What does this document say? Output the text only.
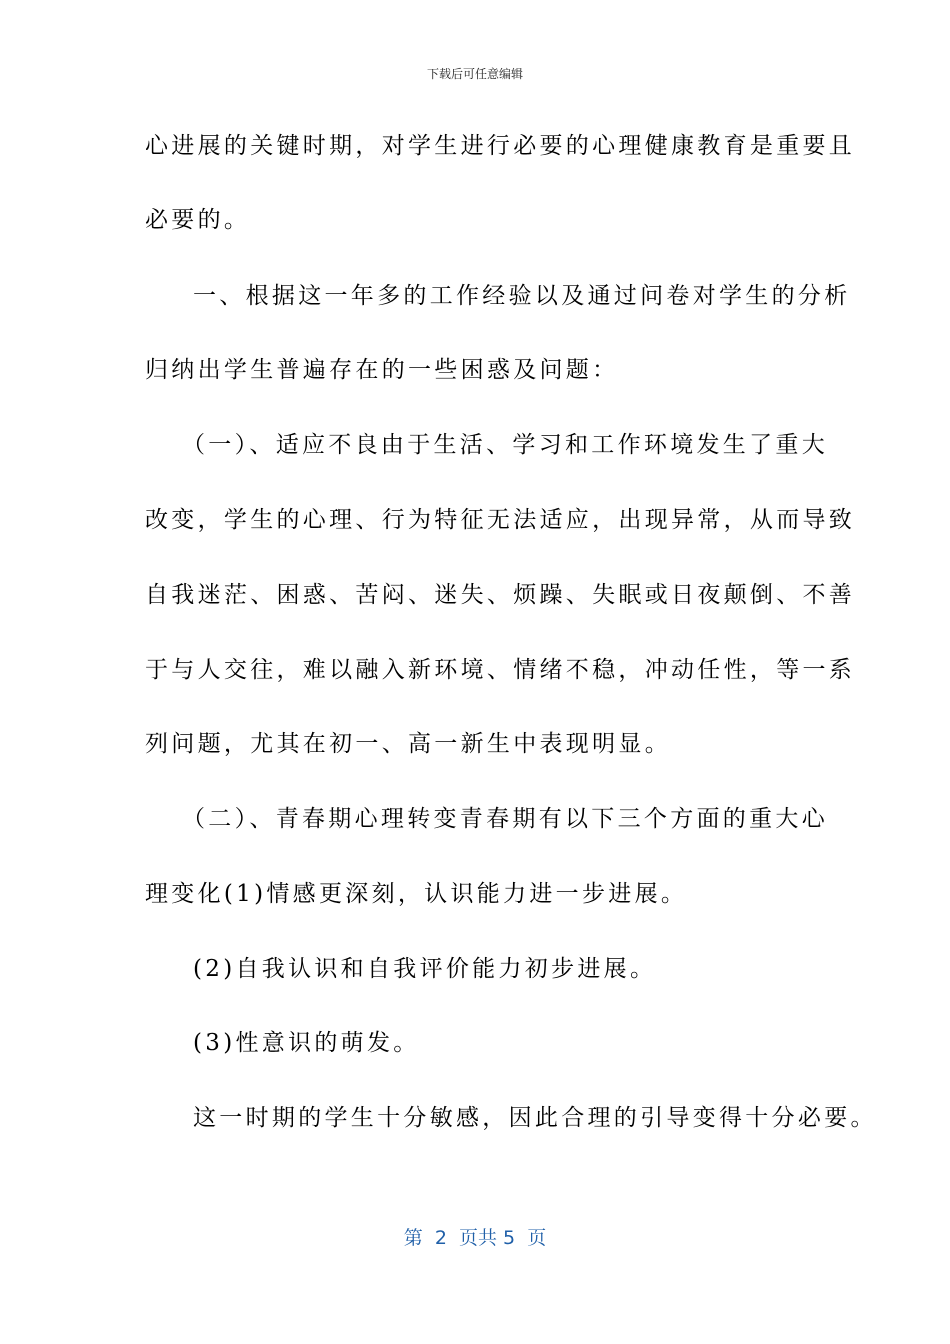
下载后可任意编辑
心进展的关键时期，对学生进行必要的心理健康教育是重要且
必要的。
一、根据这一年多的工作经验以及通过问卷对学生的分析
归纳出学生普遍存在的一些困惑及问题：
（一）、适应不良由于生活、学习和工作环境发生了重大
改变，学生的心理、行为特征无法适应，出现异常，从而导致
自我迷茫、困惑、苦闷、迷失、烦躁、失眠或日夜颠倒、不善
于与人交往，难以融入新环境、情绪不稳，冲动任性，等一系
列问题，尤其在初一、高一新生中表现明显。
（二）、青春期心理转变青春期有以下三个方面的重大心
理变化(1)情感更深刻，认识能力进一步进展。
(2)自我认识和自我评价能力初步进展。
(3)性意识的萌发。
这一时期的学生十分敏感，因此合理的引导变得十分必要。
第  2  页共 5  页
